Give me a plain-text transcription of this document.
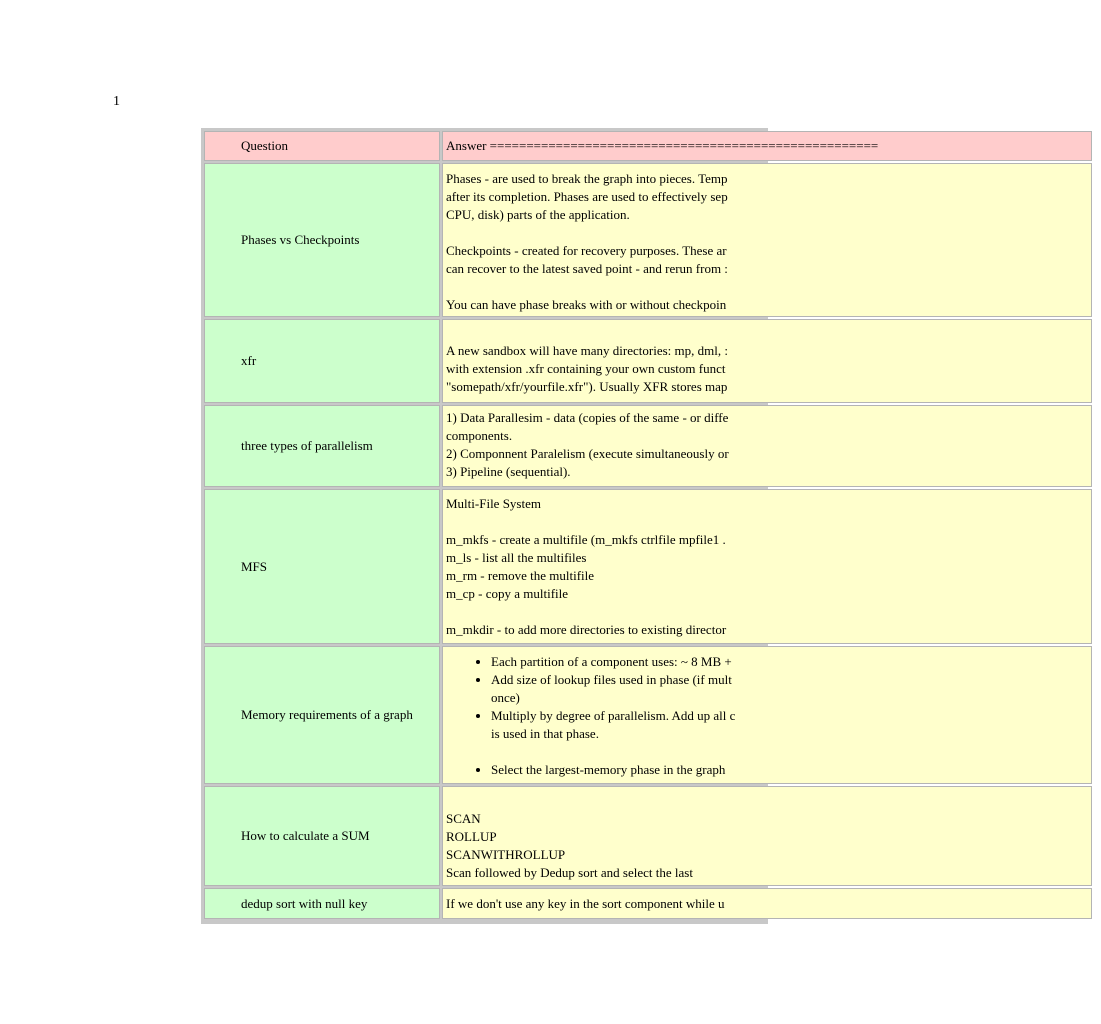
1
Question	Answer =====================================================
Phases vs Checkpoints

Phases - are used to break the graph into pieces. Temp

after its completion. Phases are used to effectively sep

CPU, disk) parts of the application.

Checkpoints - created for recovery purposes. These ar

can recover to the latest saved point - and rerun from :

You can have phase breaks with or without checkpoin

xfr

A new sandbox will have many directories: mp, dml, :

with extension .xfr containing your own custom funct

"somepath/xfr/yourfile.xfr"). Usually XFR stores map

three types of parallelism

1) Data Parallesim - data (copies of the same - or diffe

components.

2) Componnent Paralelism (execute simultaneously or

3) Pipeline (sequential).

MFS

Multi-File System

m_mkfs - create a multifile (m_mkfs ctrlfile mpfile1 .

m_ls - list all the multifiles

m_rm - remove the multifile

m_cp - copy a multifile

m_mkdir - to add more directories to existing director

Memory requirements of a graph
• Each partition of a component uses: ~ 8 MB +
• Add size of lookup files used in phase (if mult
once)
• Multiply by degree of parallelism. Add up all c
is used in that phase.
• Select the largest-memory phase in the graph
How to calculate a SUM

SCAN

ROLLUP

SCANWITHROLLUP

Scan followed by Dedup sort and select the last

dedup sort with null key	If we don't use any key in the sort component while u
